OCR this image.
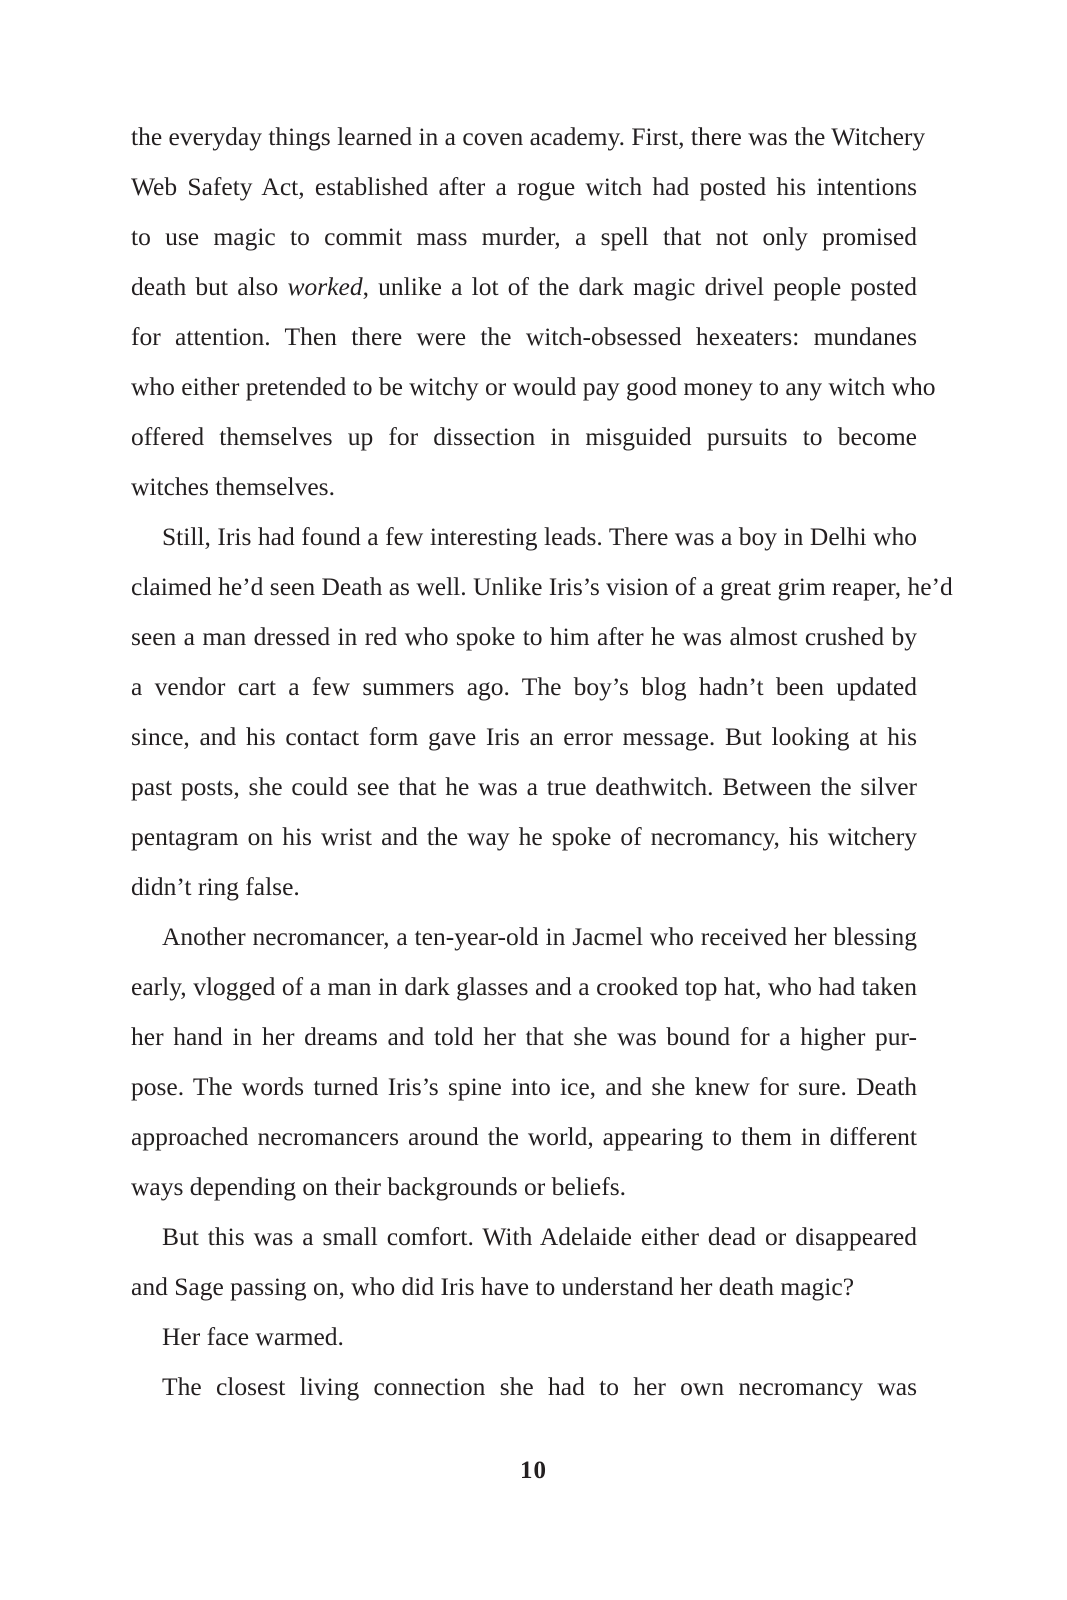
the everyday things learned in a coven academy. First, there was the Witchery
Web Safety Act, established after a rogue witch had posted his intentions
to use magic to commit mass murder, a spell that not only promised
death but also worked, unlike a lot of the dark magic drivel people posted
for attention. Then there were the witch-obsessed hexeaters: mundanes
who either pretended to be witchy or would pay good money to any witch who
offered themselves up for dissection in misguided pursuits to become
witches themselves.
Still, Iris had found a few interesting leads. There was a boy in Delhi who
claimed he’d seen Death as well. Unlike Iris’s vision of a great grim reaper, he’d
seen a man dressed in red who spoke to him after he was almost crushed by
a vendor cart a few summers ago. The boy’s blog hadn’t been updated
since, and his contact form gave Iris an error message. But looking at his
past posts, she could see that he was a true deathwitch. Between the silver
pentagram on his wrist and the way he spoke of necromancy, his witchery
didn’t ring false.
Another necromancer, a ten-year-old in Jacmel who received her blessing
early, vlogged of a man in dark glasses and a crooked top hat, who had taken
her hand in her dreams and told her that she was bound for a higher pur-
pose. The words turned Iris’s spine into ice, and she knew for sure. Death
approached necromancers around the world, appearing to them in different
ways depending on their backgrounds or beliefs.
But this was a small comfort. With Adelaide either dead or disappeared
and Sage passing on, who did Iris have to understand her death magic?
Her face warmed.
The closest living connection she had to her own necromancy was
10
